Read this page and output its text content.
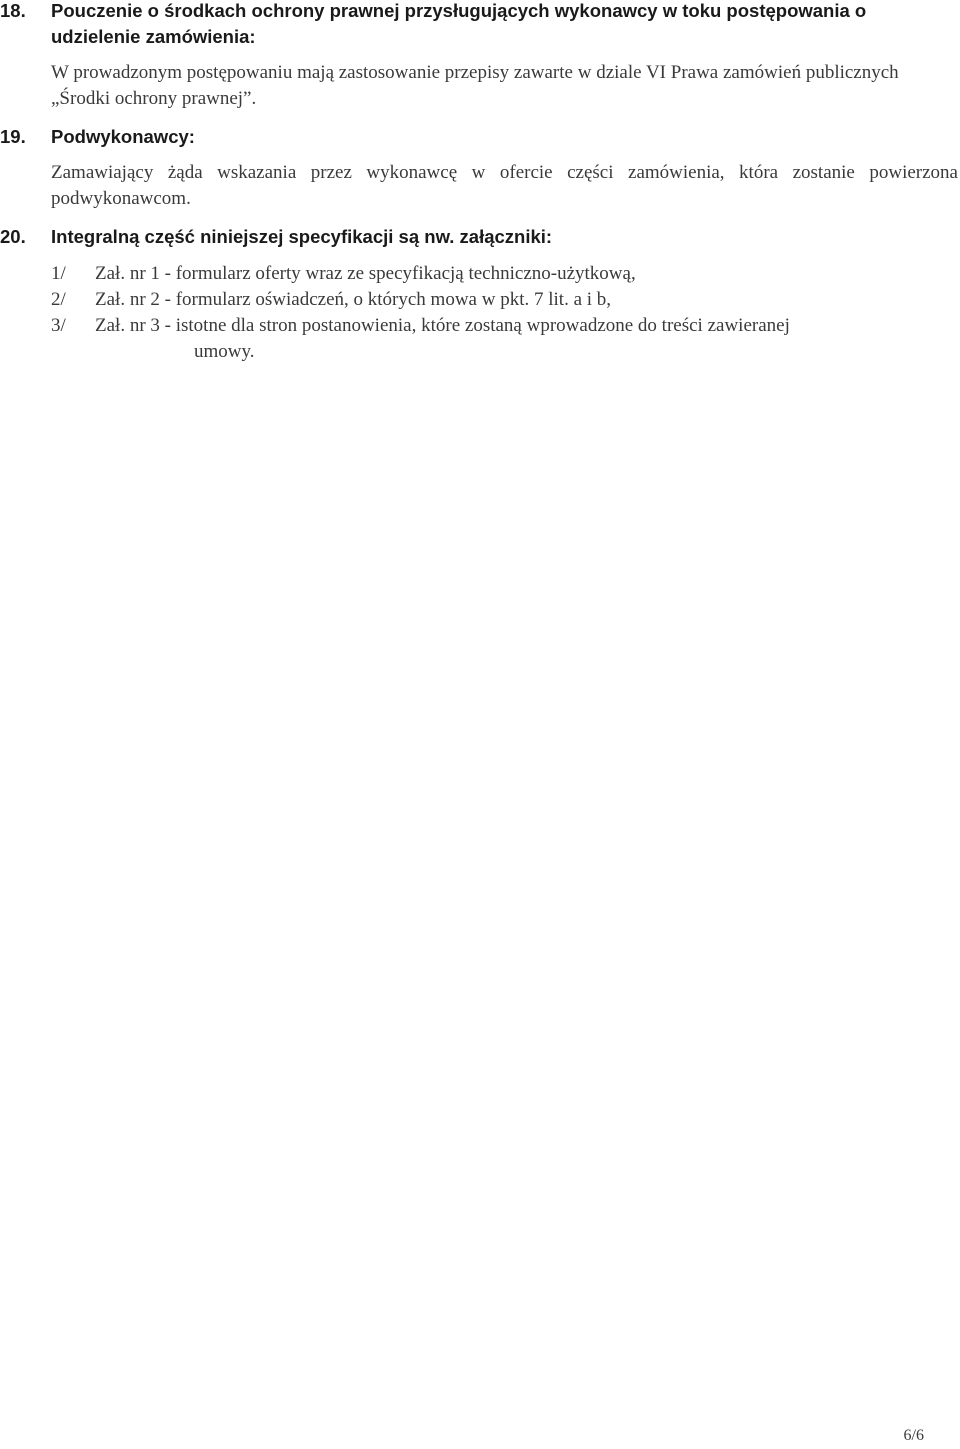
18. Pouczenie o środkach ochrony prawnej przysługujących wykonawcy w toku postępowania o udzielenie zamówienia:
W prowadzonym postępowaniu mają zastosowanie przepisy zawarte w dziale VI Prawa zamówień publicznych „Środki ochrony prawnej”.
19. Podwykonawcy:
Zamawiający żąda wskazania przez wykonawcę w ofercie części zamówienia, która zostanie powierzona podwykonawcom.
20. Integralną część niniejszej specyfikacji są nw. załączniki:
1/ Zał. nr 1 - formularz oferty wraz ze specyfikacją techniczno-użytkową,
2/ Zał. nr 2 - formularz oświadczeń, o których mowa w pkt. 7 lit. a i b,
3/ Zał. nr 3 - istotne dla stron postanowienia, które zostaną wprowadzone do treści zawieranej
umowy.
6/6
